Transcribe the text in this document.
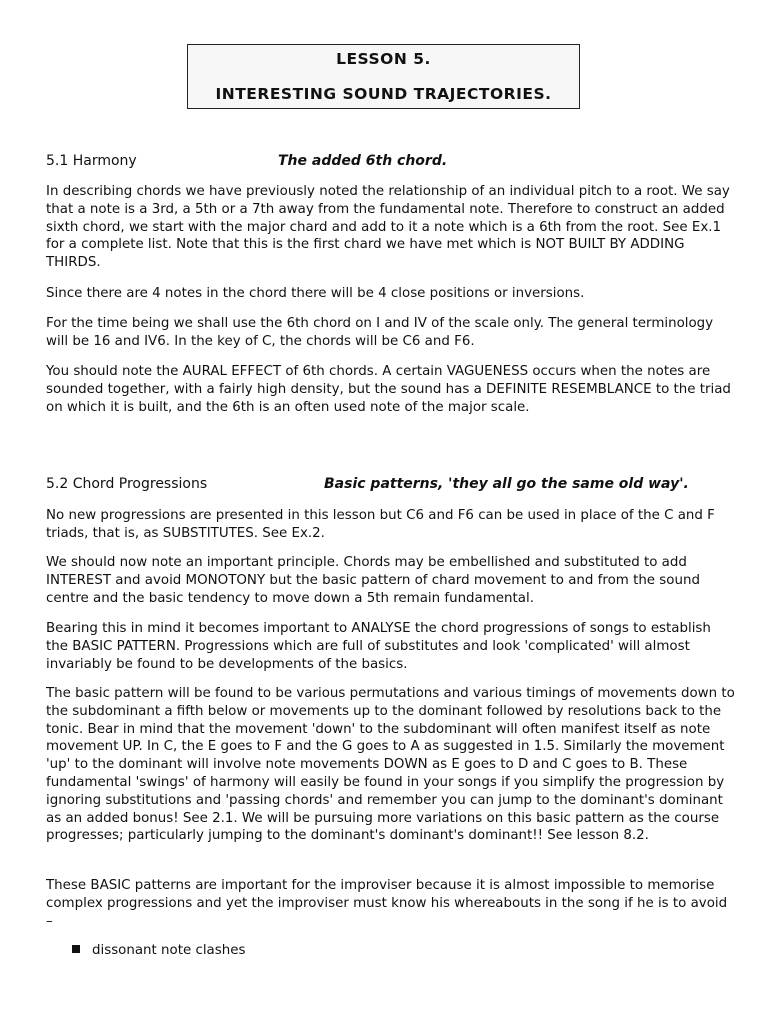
LESSON 5.
INTERESTING SOUND TRAJECTORIES.
5.1 Harmony	The added 6th chord.

In describing chords we have previously noted the relationship of an individual pitch to a root. We say that a note is a 3rd, a 5th or a 7th away from the fundamental note. Therefore to construct an added sixth chord, we start with the major chard and add to it a note which is a 6th from the root. See Ex.1 for a complete list. Note that this is the first chard we have met which is NOT BUILT BY ADDING THIRDS.

Since there are 4 notes in the chord there will be 4 close positions or inversions.

For the time being we shall use the 6th chord on I and IV of the scale only. The general terminology will be 16 and IV6. In the key of C, the chords will be C6 and F6.

You should note the AURAL EFFECT of 6th chords. A certain VAGUENESS occurs when the notes are sounded together, with a fairly high density, but the sound has a DEFINITE RESEMBLANCE to the triad on which it is built, and the 6th is an often used note of the major scale.

5.2 Chord Progressions	Basic patterns, 'they all go the same old way'.

No new progressions are presented in this lesson but C6 and F6 can be used in place of the C and F triads, that is, as SUBSTITUTES. See Ex.2.

We should now note an important principle. Chords may be embellished and substituted to add INTEREST and avoid MONOTONY but the basic pattern of chard movement to and from the sound centre and the basic tendency to move down a 5th remain fundamental.

Bearing this in mind it becomes important to ANALYSE the chord progressions of songs to establish the BASIC PATTERN. Progressions which are full of substitutes and look 'complicated' will almost invariably be found to be developments of the basics.

The basic pattern will be found to be various permutations and various timings of movements down to the subdominant a fifth below or movements up to the dominant followed by resolutions back to the tonic. Bear in mind that the movement 'down' to the subdominant will often manifest itself as note movement UP. In C, the E goes to F and the G goes to A as suggested in 1.5. Similarly the movement 'up' to the dominant will involve note movements DOWN as E goes to D and C goes to B. These fundamental 'swings' of harmony will easily be found in your songs if you simplify the progression by ignoring substitutions and 'passing chords' and remember you can jump to the dominant's dominant as an added bonus! See 2.1. We will be pursuing more variations on this basic pattern as the course progresses; particularly jumping to the dominant's dominant's dominant!! See lesson 8.2.

These BASIC patterns are important for the improviser because it is almost impossible to memorise complex progressions and yet the improviser must know his whereabouts in the song if he is to avoid –

dissonant note clashes
